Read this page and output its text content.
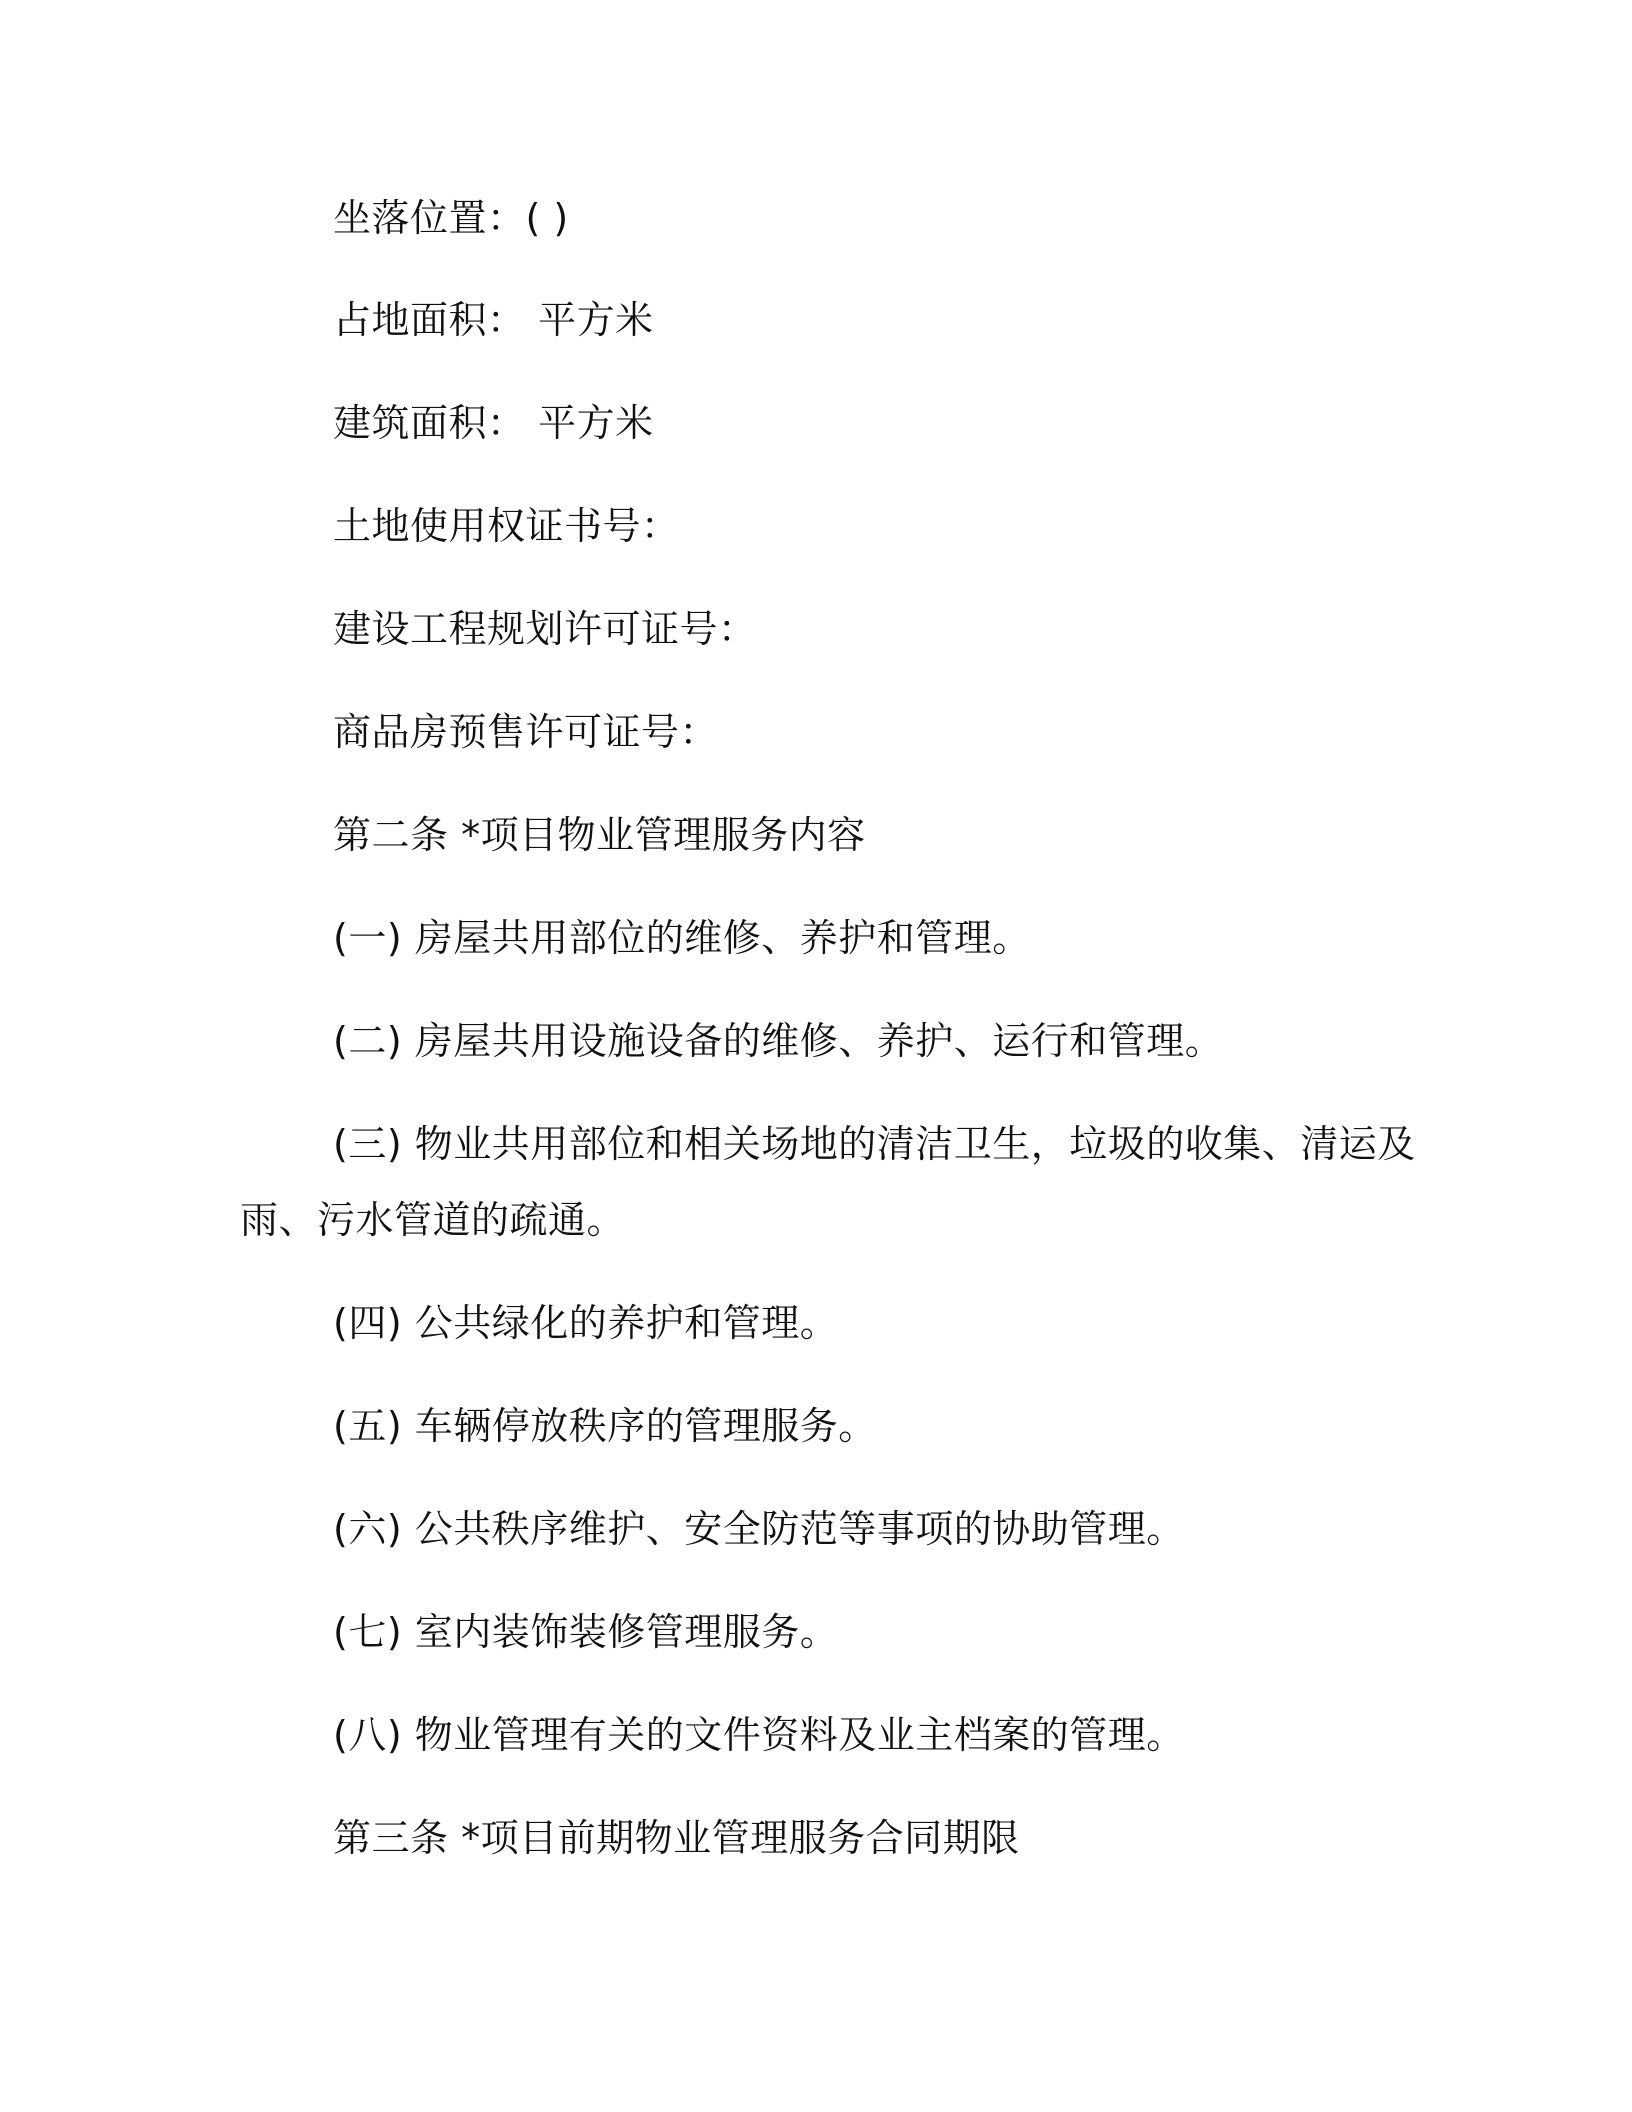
坐落位置：( )
占地面积： 平方米
建筑面积： 平方米
土地使用权证书号：
建设工程规划许可证号：
商品房预售许可证号：
第二条 *项目物业管理服务内容
(一) 房屋共用部位的维修、养护和管理。
(二) 房屋共用设施设备的维修、养护、运行和管理。
(三) 物业共用部位和相关场地的清洁卫生，垃圾的收集、清运及
雨、污水管道的疏通。
(四) 公共绿化的养护和管理。
(五) 车辆停放秩序的管理服务。
(六) 公共秩序维护、安全防范等事项的协助管理。
(七) 室内装饰装修管理服务。
(八) 物业管理有关的文件资料及业主档案的管理。
第三条 *项目前期物业管理服务合同期限
